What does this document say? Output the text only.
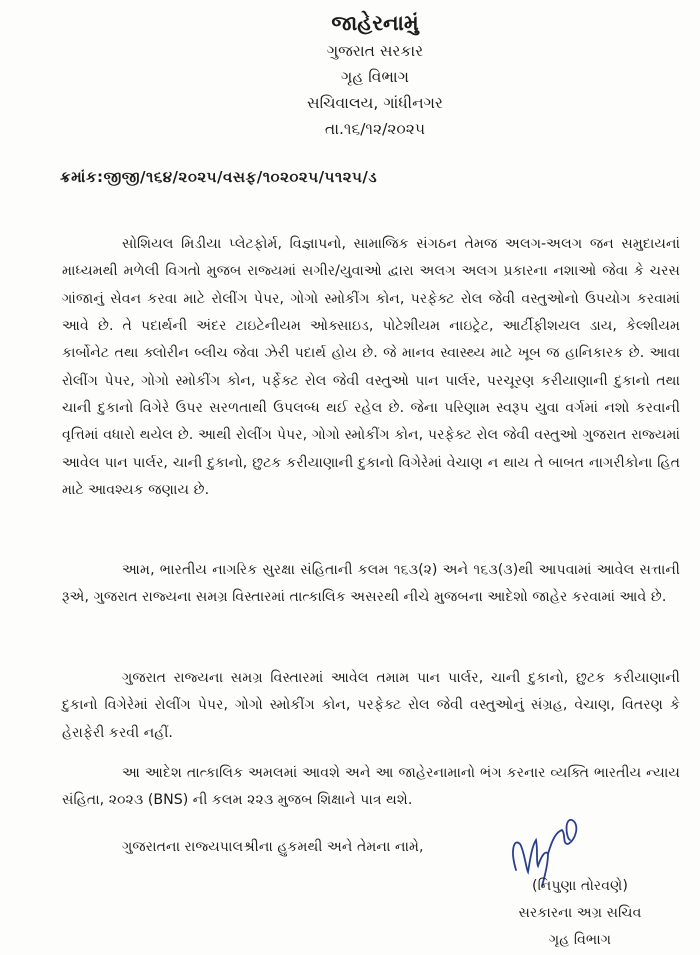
જાહેરનામું
ગુજરાત સરકાર
ગૃહ વિભાગ
સચિવાલય, ગાંધીનગર
તા.૧૬/૧૨/૨૦૨૫
ક્રમાંક:જીજી/૧૬૪/૨૦૨૫/વસફ/૧૦૨૦૨૫/૫૧૨૫/ડ

સોશિયલ મિડીયા પ્લેટફોર્મ, વિજ્ઞાપનો, સામાજિક સંગઠન તેમજ અલગ-અલગ જન સમુદાયનાં માધ્યમથી મળેલી વિગતો મુજબ રાજ્યમાં સગીર/યુવાઓ દ્વારા અલગ અલગ પ્રકારના નશાઓ જેવા કે ચરસ ગાંજાનું સેવન કરવા માટે રોલીંગ પેપર, ગોગો સ્મોકીંગ કોન, પરફેક્ટ રોલ જેવી વસ્તુઓનો ઉપયોગ કરવામાં આવે છે. તે પદાર્થની અંદર ટાઇટેનીયમ ઓક્સાઇડ, પોટેશીયમ નાઇટ્રેટ, આર્ટીફીશયલ ડાય, કેલ્શીયમ કાર્બોનેટ તથા ક્લોરીન બ્લીચ જેવા ઝેરી પદાર્થ હોય છે. જે માનવ સ્વાસ્થ્ય માટે ખૂબ જ હાનિકારક છે. આવા રોલીંગ પેપર, ગોગો સ્મોકીંગ કોન, પર્ફેક્ટ રોલ જેવી વસ્તુઓ પાન પાર્લર, પરચૂરણ કરીયાણાની દુકાનો તથા ચાની દુકાનો વિગેરે ઉપર સરળતાથી ઉપલબ્ધ થઈ રહેલ છે. જેના પરિણામ સ્વરૂપ યુવા વર્ગમાં નશો કરવાની વૃત્તિમાં વધારો થયેલ છે. આથી રોલીંગ પેપર, ગોગો સ્મોકીંગ કોન, પરફેક્ટ રોલ જેવી વસ્તુઓ ગુજરાત રાજ્યમાં આવેલ પાન પાર્લર, ચાની દુકાનો, છુટક કરીયાણાની દુકાનો વિગેરેમાં વેચાણ ન થાય તે બાબત નાગરીકોના હિત માટે આવશ્યક જણાય છે.

આમ, ભારતીય નાગરિક સુરક્ષા સંહિતાની કલમ ૧૬૩(૨) અને ૧૬૩(૩)થી આપવામાં આવેલ સત્તાની રૂએ, ગુજરાત રાજ્યના સમગ્ર વિસ્તારમાં તાત્કાલિક અસરથી નીચે મુજબના આદેશો જાહેર કરવામાં આવે છે.

ગુજરાત રાજ્યના સમગ્ર વિસ્તારમાં આવેલ તમામ પાન પાર્લર, ચાની દુકાનો, છુટક કરીયાણાની દુકાનો વિગેરેમાં રોલીંગ પેપર, ગોગો સ્મોકીંગ કોન, પરફેક્ટ રોલ જેવી વસ્તુઓનું સંગ્રહ, વેચાણ, વિતરણ કે હેરાફેરી કરવી નહીં.

આ આદેશ તાત્કાલિક અમલમાં આવશે અને આ જાહેરનામાનો ભંગ કરનાર વ્યક્તિ ભારતીય ન્યાય સંહિતા, ૨૦૨૩ (BNS) ની કલમ ૨૨૩ મુજબ શિક્ષાને પાત્ર થશે.

ગુજરાતના રાજ્યપાલશ્રીના હુકમથી અને તેમના નામે,

(નિપુણા તોરવણે)
સરકારના અગ્ર સચિવ
ગૃહ વિભાગ
